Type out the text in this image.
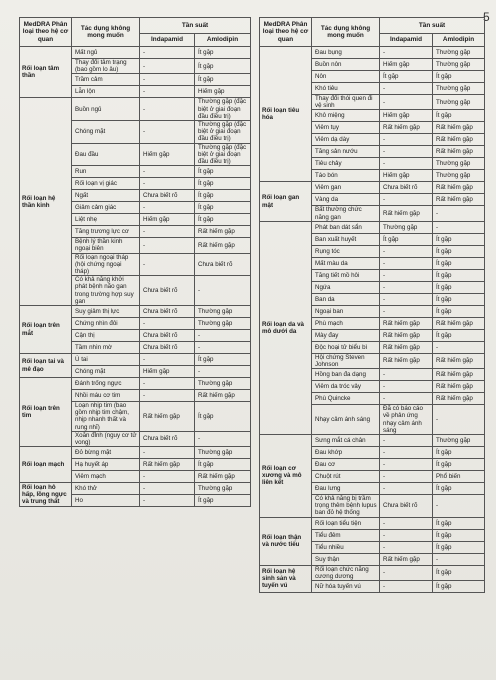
5
MedDRA Phân loại theo hệ cơ quan	Tác dụng không mong muốn	Tần suất	
		Indapamid	Amlodipin
Rối loạn tâm thần	Mất ngủ	-	Ít gặp
	Thay đổi tâm trạng (bao gồm lo âu)	-	Ít gặp
	Trầm cảm	-	Ít gặp
	Lẫn lộn	-	Hiếm gặp
Rối loạn hệ thần kinh	Buồn ngủ	-	Thường gặp (đặc biệt ở giai đoạn đầu điều trị)
	Chóng mặt	-	Thường gặp (đặc biệt ở giai đoạn đầu điều trị)
	Đau đầu	Hiếm gặp	Thường gặp (đặc biệt ở giai đoạn đầu điều trị)
	Run	-	Ít gặp
	Rối loạn vị giác	-	Ít gặp
	Ngất	Chưa biết rõ	Ít gặp
	Giảm cảm giác	-	Ít gặp
	Liệt nhẹ	Hiếm gặp	Ít gặp
	Tăng trương lực cơ	-	Rất hiếm gặp
	Bệnh lý thần kinh ngoại biên	-	Rất hiếm gặp
	Rối loạn ngoại tháp (hội chứng ngoại tháp)	-	Chưa biết rõ
	Có khả năng khởi phát bệnh não gan trong trường hợp suy gan	Chưa biết rõ	-
Rối loạn trên mắt	Suy giảm thị lực	Chưa biết rõ	Thường gặp
	Chứng nhìn đôi	-	Thường gặp
	Cận thị	Chưa biết rõ	-
	Tầm nhìn mờ	Chưa biết rõ	-
Rối loạn tai và mê đạo	Ù tai	-	Ít gặp
	Chóng mặt	Hiếm gặp	-
Rối loạn trên tim	Đánh trống ngực	-	Thường gặp
	Nhồi máu cơ tim	-	Rất hiếm gặp
	Loạn nhịp tim (bao gồm nhịp tim chậm, nhịp nhanh thất và rung nhĩ)	Rất hiếm gặp	Ít gặp
	Xoắn đỉnh (nguy cơ tử vong)	Chưa biết rõ	-
Rối loạn mạch	Đỏ bừng mặt	-	Thường gặp
	Hạ huyết áp	Rất hiếm gặp	Ít gặp
	Viêm mạch	-	Rất hiếm gặp
Rối loạn hô hấp, lồng ngực và trung thất	Khó thở	-	Thường gặp
	Ho	-	Ít gặp
MedDRA Phân loại theo hệ cơ quan	Tác dụng không mong muốn	Tần suất	
		Indapamid	Amlodipin
Rối loạn tiêu hóa	Đau bụng	-	Thường gặp
	Buồn nôn	Hiếm gặp	Thường gặp
	Nôn	Ít gặp	Ít gặp
	Khó tiêu	-	Thường gặp
	Thay đổi thói quen đi vệ sinh	-	Thường gặp
	Khô miệng	Hiếm gặp	Ít gặp
	Viêm tụy	Rất hiếm gặp	Rất hiếm gặp
	Viêm dạ dày	-	Rất hiếm gặp
	Tăng sản nướu	-	Rất hiếm gặp
	Tiêu chảy	-	Thường gặp
	Táo bón	Hiếm gặp	Thường gặp
Rối loạn gan mật	Viêm gan	Chưa biết rõ	Rất hiếm gặp
	Vàng da	-	Rất hiếm gặp
	Bất thường chức năng gan	Rất hiếm gặp	-
Rối loạn da và mô dưới da	Phát ban dát sẩn	Thường gặp	-
	Ban xuất huyết	Ít gặp	Ít gặp
	Rụng tóc	-	Ít gặp
	Mất màu da	-	Ít gặp
	Tăng tiết mồ hôi	-	Ít gặp
	Ngứa	-	Ít gặp
	Ban da	-	Ít gặp
	Ngoại ban	-	Ít gặp
	Phù mạch	Rất hiếm gặp	Rất hiếm gặp
	Mày đay	Rất hiếm gặp	Ít gặp
	Độc hoại tử biểu bì	Rất hiếm gặp	-
	Hội chứng Steven Johnson	Rất hiếm gặp	Rất hiếm gặp
	Hồng ban đa dạng	-	Rất hiếm gặp
	Viêm da tróc vảy	-	Rất hiếm gặp
	Phù Quincke	-	Rất hiếm gặp
	Nhạy cảm ánh sáng	Đã có báo cáo về phản ứng nhạy cảm ánh sáng	-
Rối loạn cơ xương và mô liên kết	Sưng mắt cá chân	-	Thường gặp
	Đau khớp	-	Ít gặp
	Đau cơ	-	Ít gặp
	Chuột rút	-	Phổ biến
	Đau lưng	-	Ít gặp
	Có khả năng bị trầm trọng thêm bệnh lupus ban đỏ hệ thống	Chưa biết rõ	-
Rối loạn thận và nước tiểu	Rối loạn tiểu tiện	-	Ít gặp
	Tiểu đêm	-	Ít gặp
	Tiểu nhiều	-	Ít gặp
	Suy thận	Rất hiếm gặp	-
Rối loạn hệ sinh sản và tuyến vú	Rối loạn chức năng cương dương	-	Ít gặp
	Nữ hóa tuyến vú	-	Ít gặp
